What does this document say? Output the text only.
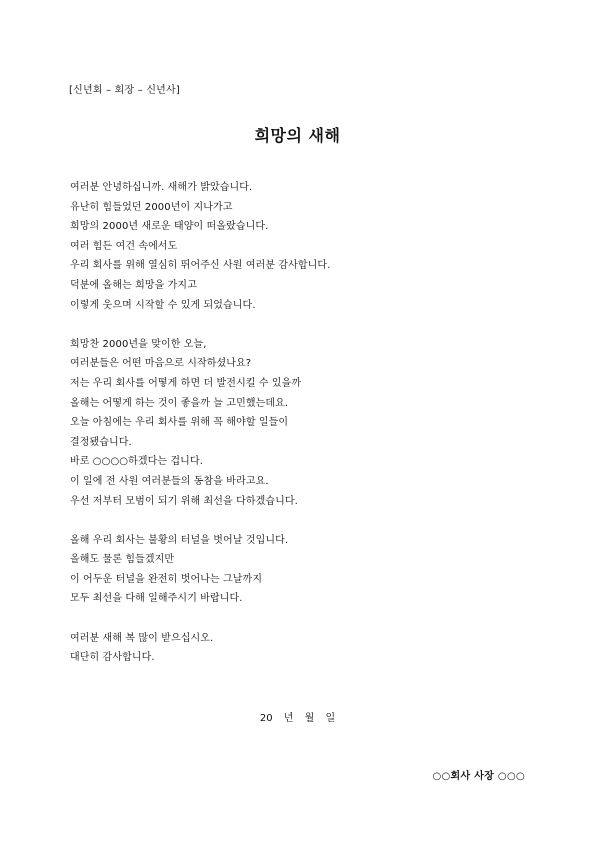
[신년회 – 회장 – 신년사]
희망의 새해
여러분 안녕하십니까. 새해가 밝았습니다.
유난히 힘들었던 2000년이 지나가고
희망의 2000년 새로운 태양이 떠올랐습니다.
여러 힘든 여건 속에서도
우리 회사를 위해 열심히 뛰어주신 사원 여러분 감사합니다.
덕분에 올해는 희망을 가지고
이렇게 웃으며 시작할 수 있게 되었습니다.
희망찬 2000년을 맞이한 오늘,
여러분들은 어떤 마음으로 시작하셨나요?
저는 우리 회사를 어떻게 하면 더 발전시킬 수 있을까
올해는 어떻게 하는 것이 좋을까 늘 고민했는데요.
오늘 아침에는 우리 회사를 위해 꼭 해야할 일들이
결정됐습니다.
바로 ○○○○하겠다는 겁니다.
이 일에 전 사원 여러분들의 동참을 바라고요.
우선 저부터 모범이 되기 위해 최선을 다하겠습니다.
올해 우리 회사는 불황의 터널을 벗어날 것입니다.
올해도 물론 힘들겠지만
이 어두운 터널을 완전히 벗어나는 그날까지
모두 최선을 다해 일해주시기 바랍니다.
여러분 새해 복 많이 받으십시오.
대단히 감사합니다.
20 년 월 일
○○회사 사장 ○○○
